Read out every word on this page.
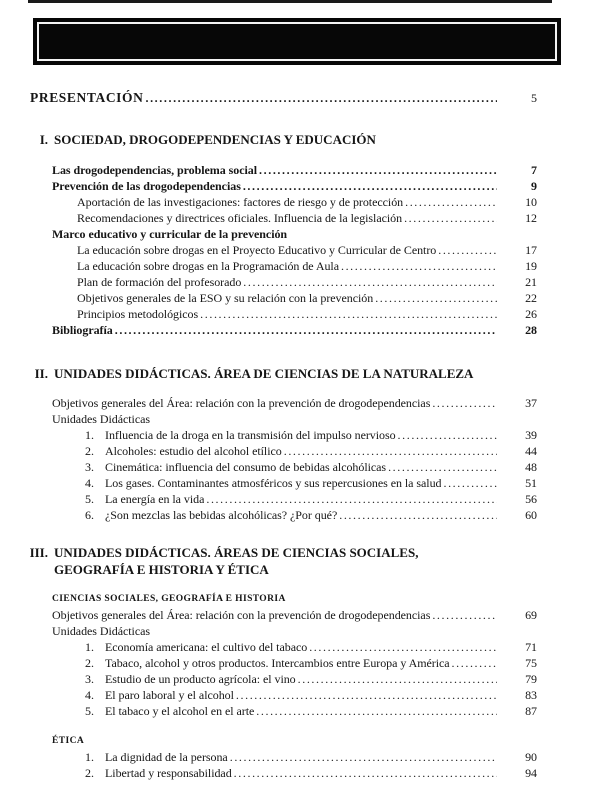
PRESENTACIÓN .....	5
I. SOCIEDAD, DROGODEPENDENCIAS Y EDUCACIÓN
Las drogodependencias, problema social .....	7
Prevención de las drogodependencias .....	9
Aportación de las investigaciones: factores de riesgo y de protección .....	10
Recomendaciones y directrices oficiales. Influencia de la legislación .....	12
Marco educativo y curricular de la prevención
La educación sobre drogas en el Proyecto Educativo y Curricular de Centro .....	17
La educación sobre drogas en la Programación de Aula .....	19
Plan de formación del profesorado .....	21
Objetivos generales de la ESO y su relación con la prevención .....	22
Principios metodológicos .....	26
Bibliografía .....	28
II. UNIDADES DIDÁCTICAS. ÁREA DE CIENCIAS DE LA NATURALEZA
Objetivos generales del Área: relación con la prevención de drogodependencias .....	37
Unidades Didácticas
1. Influencia de la droga en la transmisión del impulso nervioso .....	39
2. Alcoholes: estudio del alcohol etílico .....	44
3. Cinemática: influencia del consumo de bebidas alcohólicas .....	48
4. Los gases. Contaminantes atmosféricos y sus repercusiones en la salud .....	51
5. La energía en la vida .....	56
6. ¿Son mezclas las bebidas alcohólicas? ¿Por qué? .....	60
III. UNIDADES DIDÁCTICAS. ÁREAS DE CIENCIAS SOCIALES,
GEOGRAFÍA E HISTORIA Y ÉTICA
CIENCIAS SOCIALES, GEOGRAFÍA E HISTORIA
Objetivos generales del Área: relación con la prevención de drogodependencias .....	69
Unidades Didácticas
1. Economía americana: el cultivo del tabaco .....	71
2. Tabaco, alcohol y otros productos. Intercambios entre Europa y América .....	75
3. Estudio de un producto agrícola: el vino .....	79
4. El paro laboral y el alcohol .....	83
5. El tabaco y el alcohol en el arte .....	87
ÉTICA
1. La dignidad de la persona .....	90
2. Libertad y responsabilidad .....	94
